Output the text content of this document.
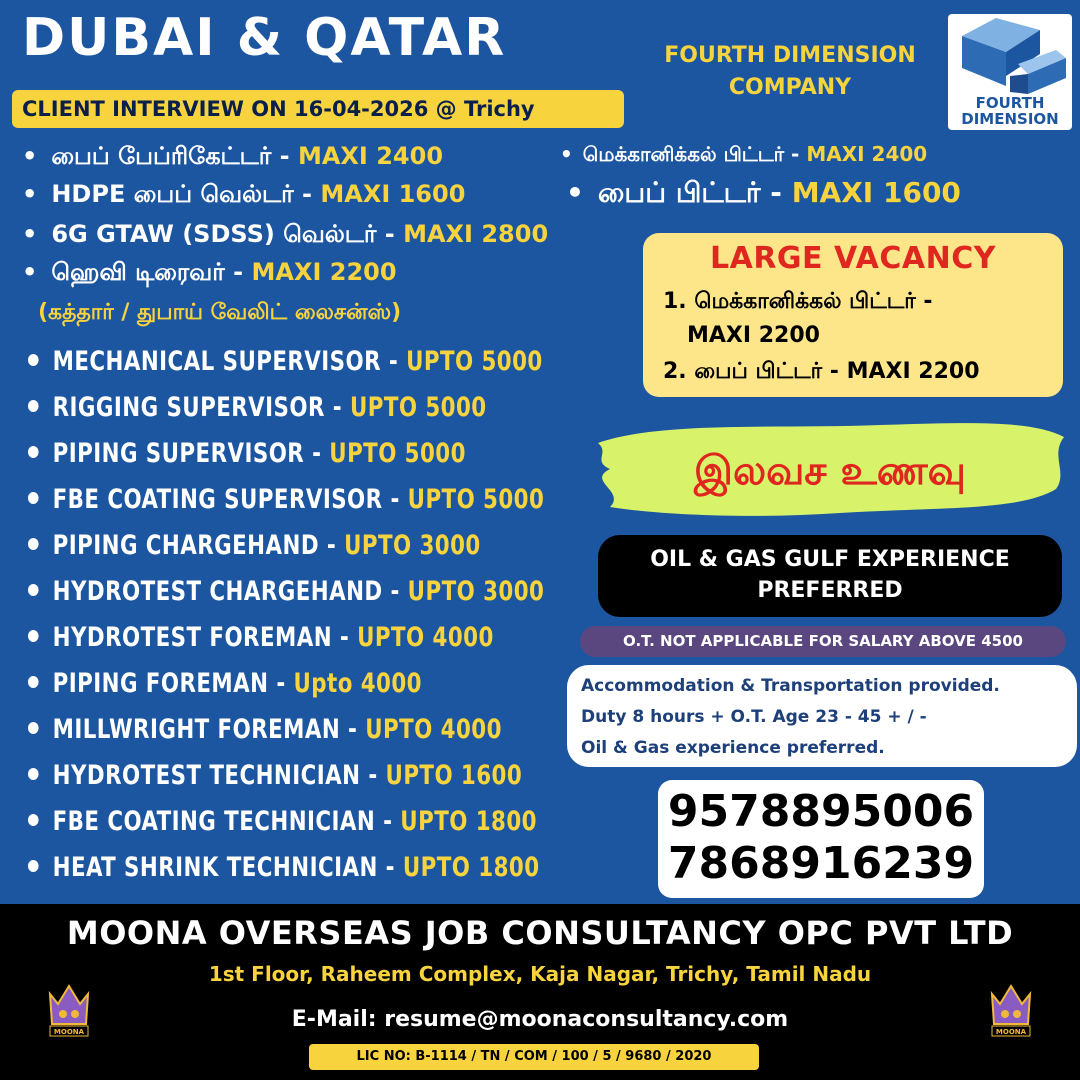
DUBAI & QATAR
CLIENT INTERVIEW ON 16-04-2026 @ Trichy
FOURTH DIMENSION
COMPANY
FOURTH
DIMENSION
• பைப் பேப்ரிகேட்டர் - MAXI 2400	• மெக்கானிக்கல் பிட்டர் - MAXI 2400
• HDPE பைப் வெல்டர் - MAXI 1600	• பைப் பிட்டர் - MAXI 1600
• 6G GTAW (SDSS) வெல்டர் - MAXI 2800
• ஹெவி டிரைவர் - MAXI 2200
(கத்தார் / துபாய் வேலிட் லைசன்ஸ்)
MECHANICAL SUPERVISOR - UPTO 5000
RIGGING SUPERVISOR - UPTO 5000
PIPING SUPERVISOR - UPTO 5000
FBE COATING SUPERVISOR - UPTO 5000
PIPING CHARGEHAND - UPTO 3000
HYDROTEST CHARGEHAND - UPTO 3000
HYDROTEST FOREMAN - UPTO 4000
PIPING FOREMAN - Upto 4000
MILLWRIGHT FOREMAN - UPTO 4000
HYDROTEST TECHNICIAN - UPTO 1600
FBE COATING TECHNICIAN - UPTO 1800
HEAT SHRINK TECHNICIAN - UPTO 1800
LARGE VACANCY
1. மெக்கானிக்கல் பிட்டர் -
MAXI 2200
2. பைப் பிட்டர் - MAXI 2200
இலவச உணவு
OIL & GAS GULF EXPERIENCE
PREFERRED
O.T. NOT APPLICABLE FOR SALARY ABOVE 4500
Accommodation & Transportation provided.
Duty 8 hours + O.T. Age 23 - 45 + / -
Oil & Gas experience preferred.
9578895006
7868916239
MOONA OVERSEAS JOB CONSULTANCY OPC PVT LTD
1st Floor, Raheem Complex, Kaja Nagar, Trichy, Tamil Nadu
E-Mail: resume@moonaconsultancy.com
LIC NO: B-1114 / TN / COM / 100 / 5 / 9680 / 2020
MOONA	MOONA
